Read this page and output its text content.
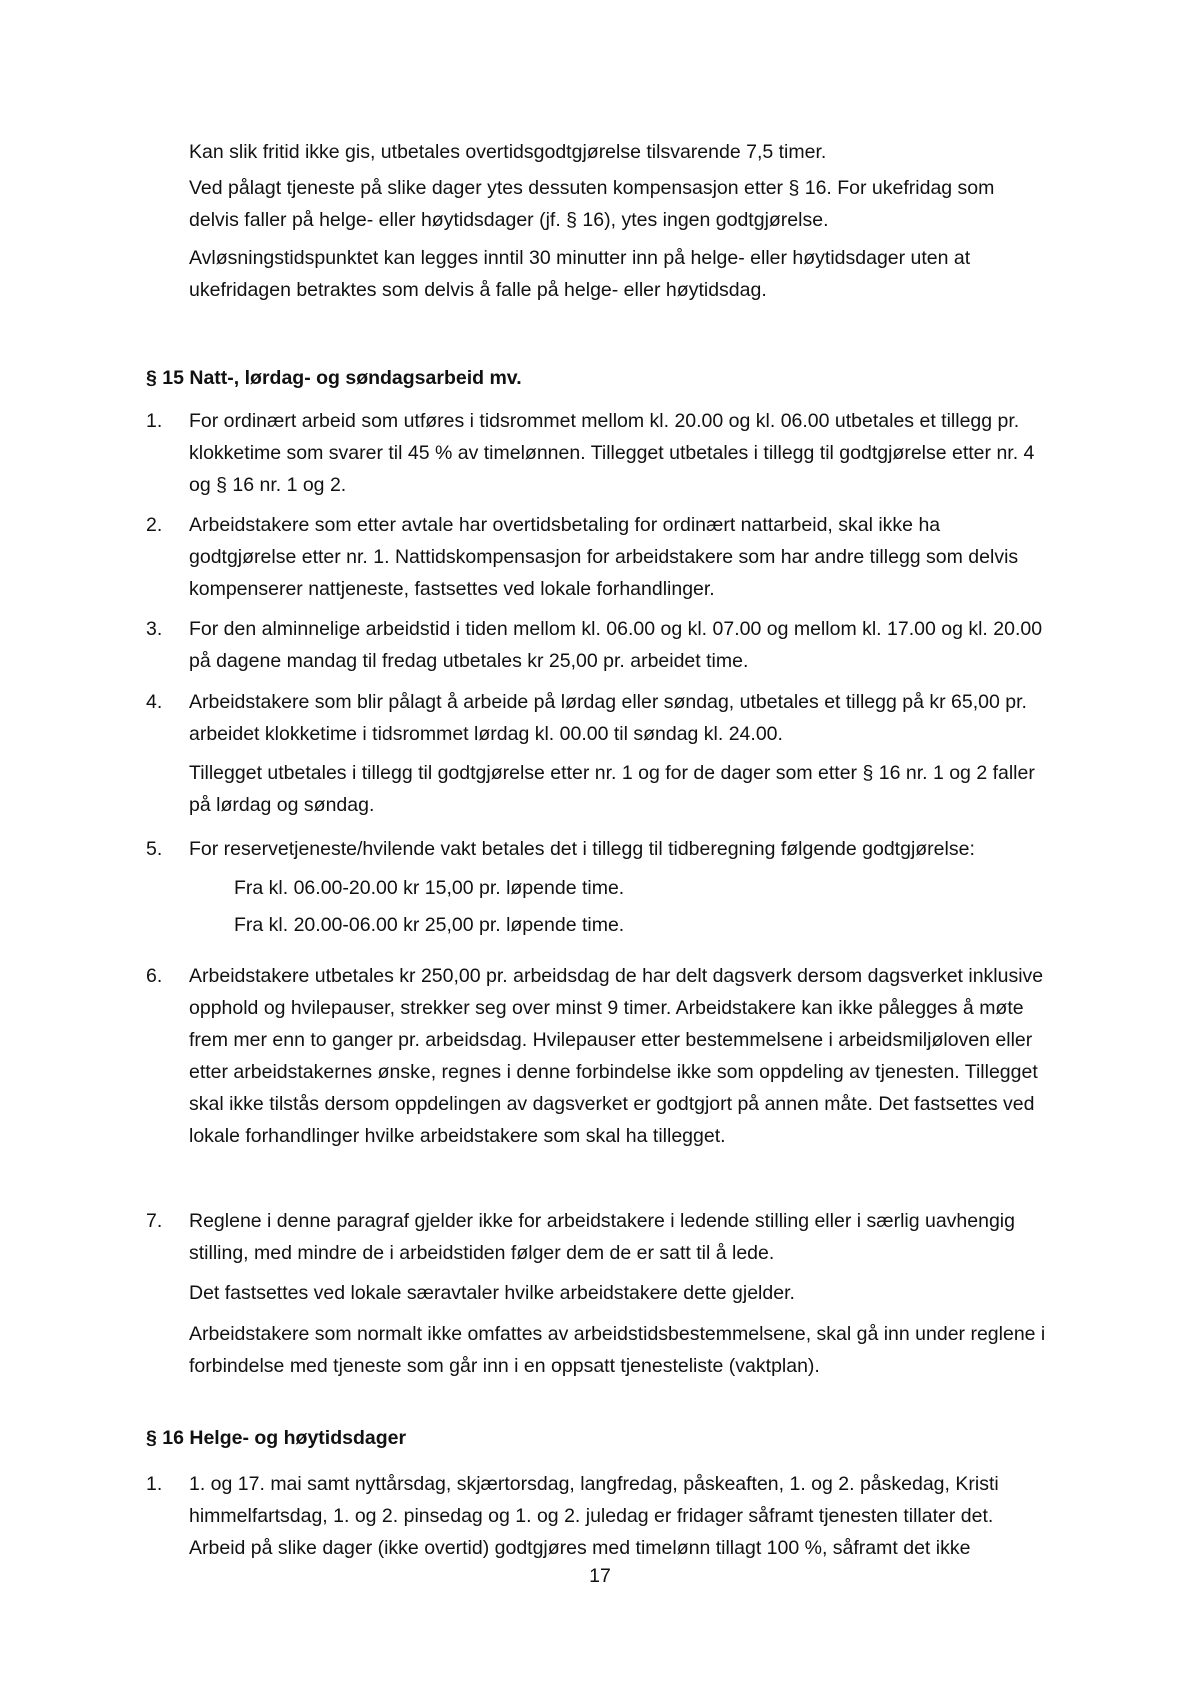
Kan slik fritid ikke gis, utbetales overtidsgodtgjørelse tilsvarende 7,5 timer.

Ved pålagt tjeneste på slike dager ytes dessuten kompensasjon etter § 16. For ukefridag som delvis faller på helge- eller høytidsdager (jf. § 16), ytes ingen godtgjørelse.

Avløsningstidspunktet kan legges inntil 30 minutter inn på helge- eller høytidsdager uten at ukefridagen betraktes som delvis å falle på helge- eller høytidsdag.

§ 15 Natt-, lørdag- og søndagsarbeid mv.
1.	For ordinært arbeid som utføres i tidsrommet mellom kl. 20.00 og kl. 06.00 utbetales et tillegg pr. klokketime som svarer til 45 % av timelønnen. Tillegget utbetales i tillegg til godtgjørelse etter nr. 4 og § 16 nr. 1 og 2.

2.	Arbeidstakere som etter avtale har overtidsbetaling for ordinært nattarbeid, skal ikke ha godtgjørelse etter nr. 1. Nattidskompensasjon for arbeidstakere som har andre tillegg som delvis kompenserer nattjeneste, fastsettes ved lokale forhandlinger.

3.	For den alminnelige arbeidstid i tiden mellom kl. 06.00 og kl. 07.00 og mellom kl. 17.00 og kl. 20.00 på dagene mandag til fredag utbetales kr 25,00 pr. arbeidet time.

4.	Arbeidstakere som blir pålagt å arbeide på lørdag eller søndag, utbetales et tillegg på kr 65,00 pr. arbeidet klokketime i tidsrommet lørdag kl. 00.00 til søndag kl. 24.00.

Tillegget utbetales i tillegg til godtgjørelse etter nr. 1 og for de dager som etter § 16 nr. 1 og 2 faller på lørdag og søndag.

5.	For reservetjeneste/hvilende vakt betales det i tillegg til tidberegning følgende godtgjørelse:

Fra kl. 06.00-20.00 kr 15,00 pr. løpende time.

Fra kl. 20.00-06.00 kr 25,00 pr. løpende time.

6.	Arbeidstakere utbetales kr 250,00 pr. arbeidsdag de har delt dagsverk dersom dagsverket inklusive opphold og hvilepauser, strekker seg over minst 9 timer. Arbeidstakere kan ikke pålegges å møte frem mer enn to ganger pr. arbeidsdag. Hvilepauser etter bestemmelsene i arbeidsmiljøloven eller etter arbeidstakernes ønske, regnes i denne forbindelse ikke som oppdeling av tjenesten. Tillegget skal ikke tilstås dersom oppdelingen av dagsverket er godtgjort på annen måte. Det fastsettes ved lokale forhandlinger hvilke arbeidstakere som skal ha tillegget.

7.	Reglene i denne paragraf gjelder ikke for arbeidstakere i ledende stilling eller i særlig uavhengig stilling, med mindre de i arbeidstiden følger dem de er satt til å lede.

Det fastsettes ved lokale særavtaler hvilke arbeidstakere dette gjelder.

Arbeidstakere som normalt ikke omfattes av arbeidstidsbestemmelsene, skal gå inn under reglene i forbindelse med tjeneste som går inn i en oppsatt tjenesteliste (vaktplan).

§ 16 Helge- og høytidsdager
1.	1. og 17. mai samt nyttårsdag, skjærtorsdag, langfredag, påskeaften, 1. og 2. påskedag, Kristi himmelfartsdag, 1. og 2. pinsedag og 1. og 2. juledag er fridager såframt tjenesten tillater det. Arbeid på slike dager (ikke overtid) godtgjøres med timelønn tillagt 100 %, såframt det ikke

17
